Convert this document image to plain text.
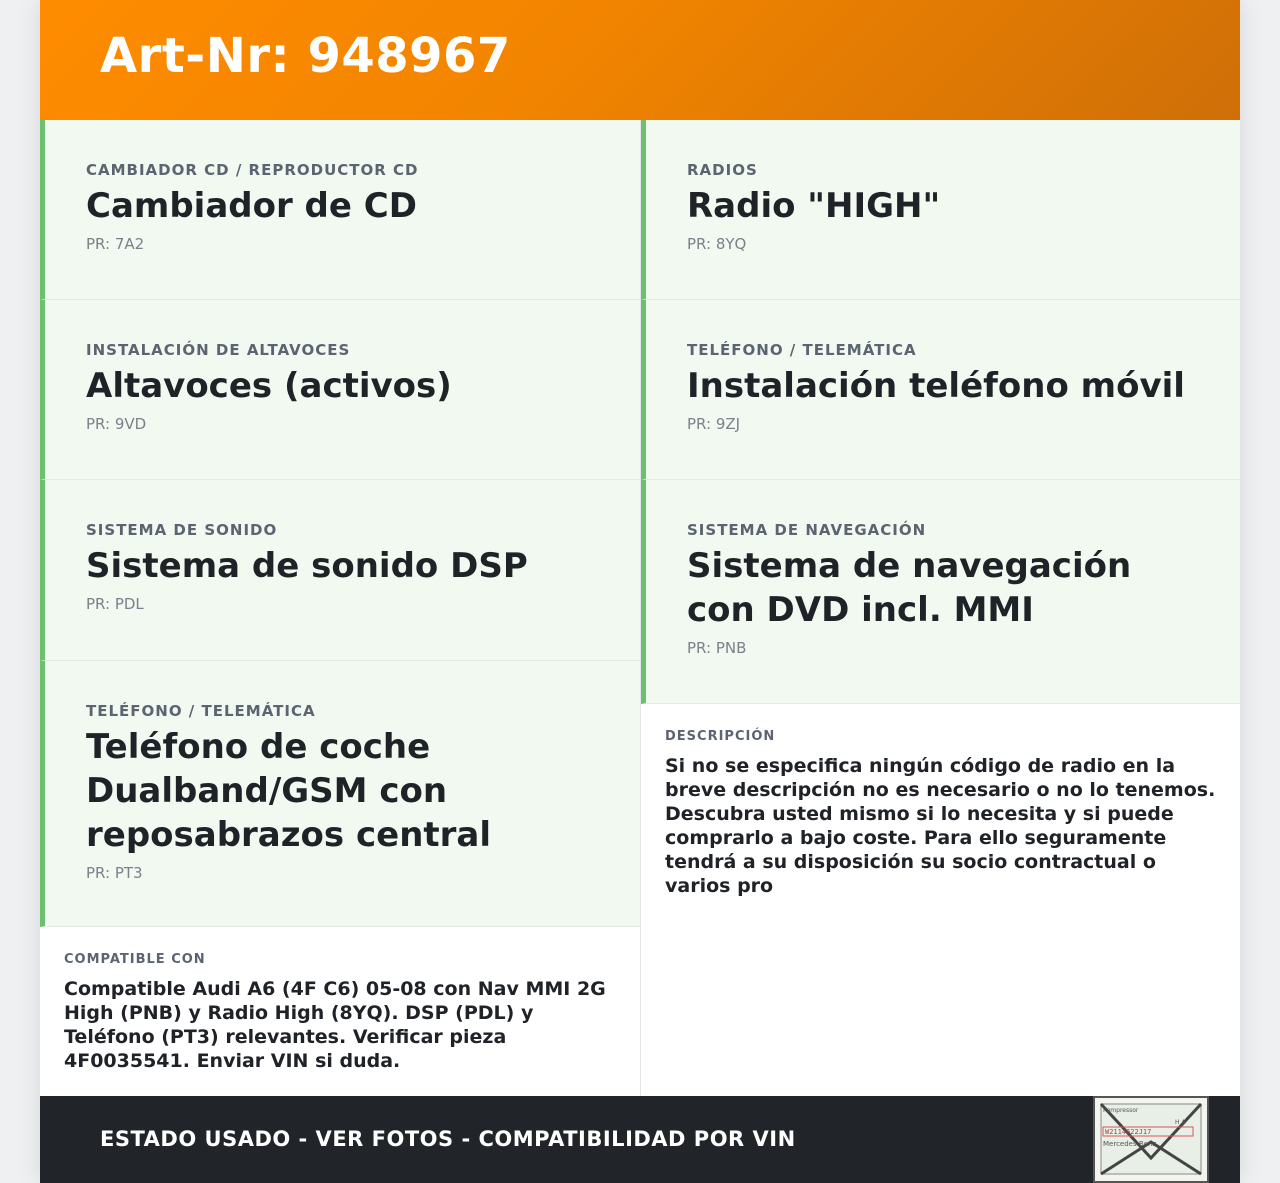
Art-Nr: 948967
CAMBIADOR CD / REPRODUCTOR CD
Cambiador de CD
PR: 7A2
INSTALACIÓN DE ALTAVOCES
Altavoces (activos)
PR: 9VD
SISTEMA DE SONIDO
Sistema de sonido DSP
PR: PDL
TELÉFONO / TELEMÁTICA
Teléfono de coche Dualband/GSM con reposabrazos central
PR: PT3
COMPATIBLE CON
Compatible Audi A6 (4F C6) 05-08 con Nav MMI 2G High (PNB) y Radio High (8YQ). DSP (PDL) y Teléfono (PT3) relevantes. Verificar pieza 4F0035541. Enviar VIN si duda.
RADIOS
Radio "HIGH"
PR: 8YQ
TELÉFONO / TELEMÁTICA
Instalación teléfono móvil
PR: 9ZJ
SISTEMA DE NAVEGACIÓN
Sistema de navegación con DVD incl. MMI
PR: PNB
DESCRIPCIÓN
Si no se especifica ningún código de radio en la breve descripción no es necesario o no lo tenemos. Descubra usted mismo si lo necesita y si puede comprarlo a bajo coste. Para ello seguramente tendrá a su disposición su socio contractual o varios pro
ESTADO USADO - VER FOTOS - COMPATIBILIDAD POR VIN
Kompressor
H A
W2114622J17
Mercedes-Benz
